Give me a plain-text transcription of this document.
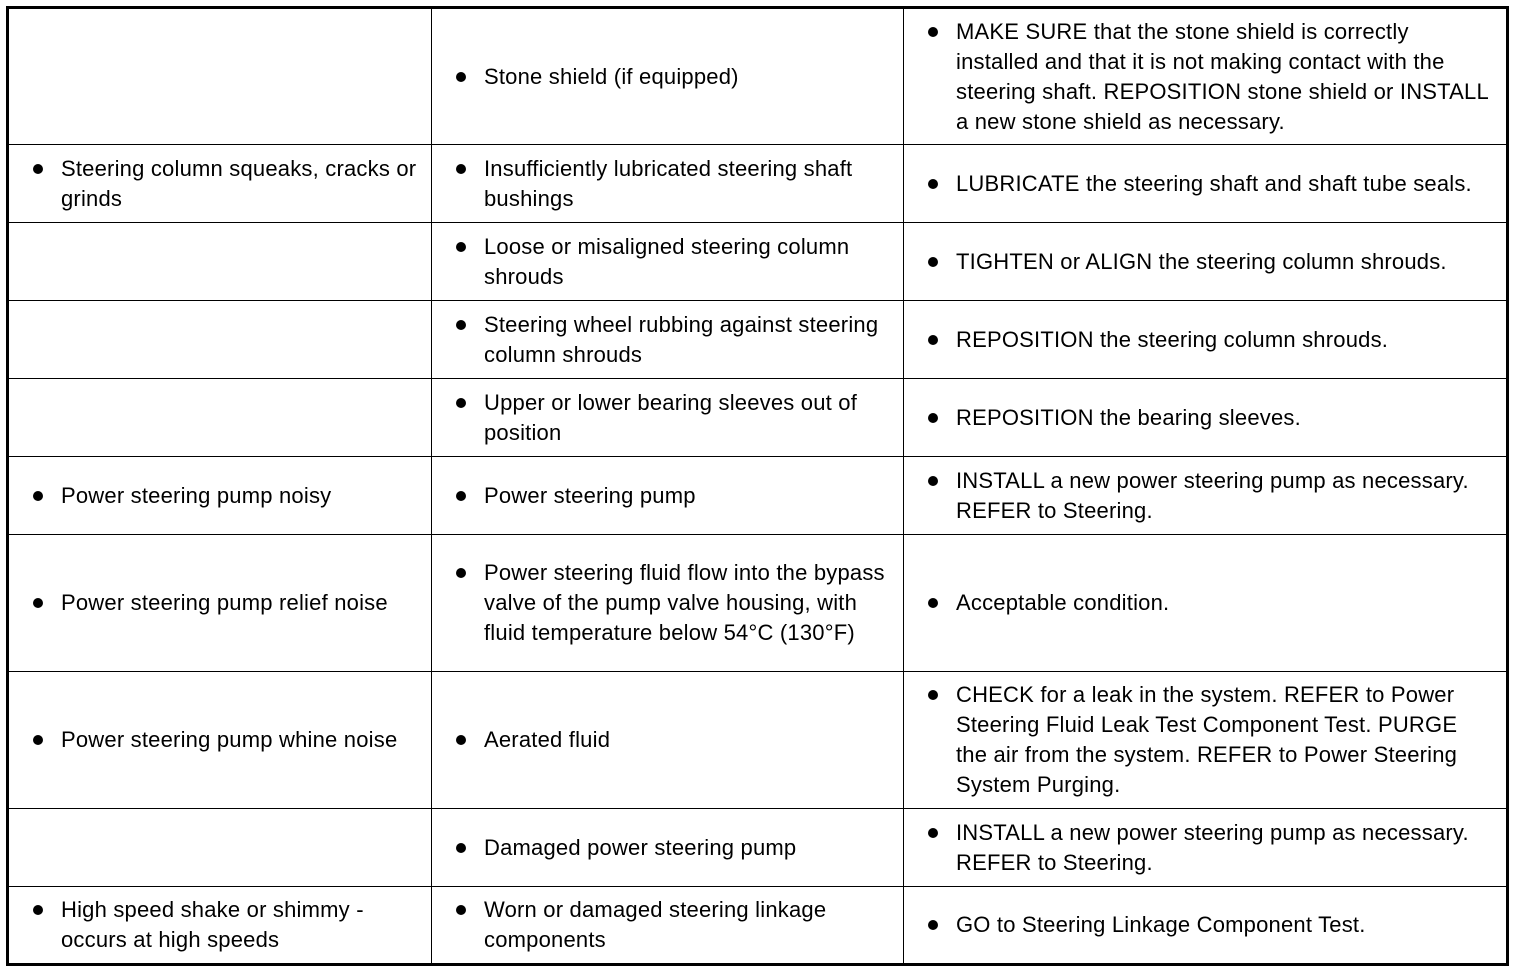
	Stone shield (if equipped)	MAKE SURE that the stone shield is correctly installed and that it is not making contact with the steering shaft. REPOSITION stone shield or INSTALL a new stone shield as necessary.

Steering column squeaks, cracks or grinds	Insufficiently lubricated steering shaft bushings	LUBRICATE the steering shaft and shaft tube seals.

	Loose or misaligned steering column shrouds	TIGHTEN or ALIGN the steering column shrouds.

	Steering wheel rubbing against steering column shrouds	REPOSITION the steering column shrouds.

	Upper or lower bearing sleeves out of position	REPOSITION the bearing sleeves.

Power steering pump noisy	Power steering pump	INSTALL a new power steering pump as necessary. REFER to Steering.

Power steering pump relief noise	Power steering fluid flow into the bypass valve of the pump valve housing, with fluid temperature below 54°C (130°F)	Acceptable condition.

Power steering pump whine noise	Aerated fluid	CHECK for a leak in the system. REFER to Power Steering Fluid Leak Test Component Test. PURGE the air from the system. REFER to Power Steering System Purging.

	Damaged power steering pump	INSTALL a new power steering pump as necessary. REFER to Steering.

High speed shake or shimmy - occurs at high speeds	Worn or damaged steering linkage components	GO to Steering Linkage Component Test.
